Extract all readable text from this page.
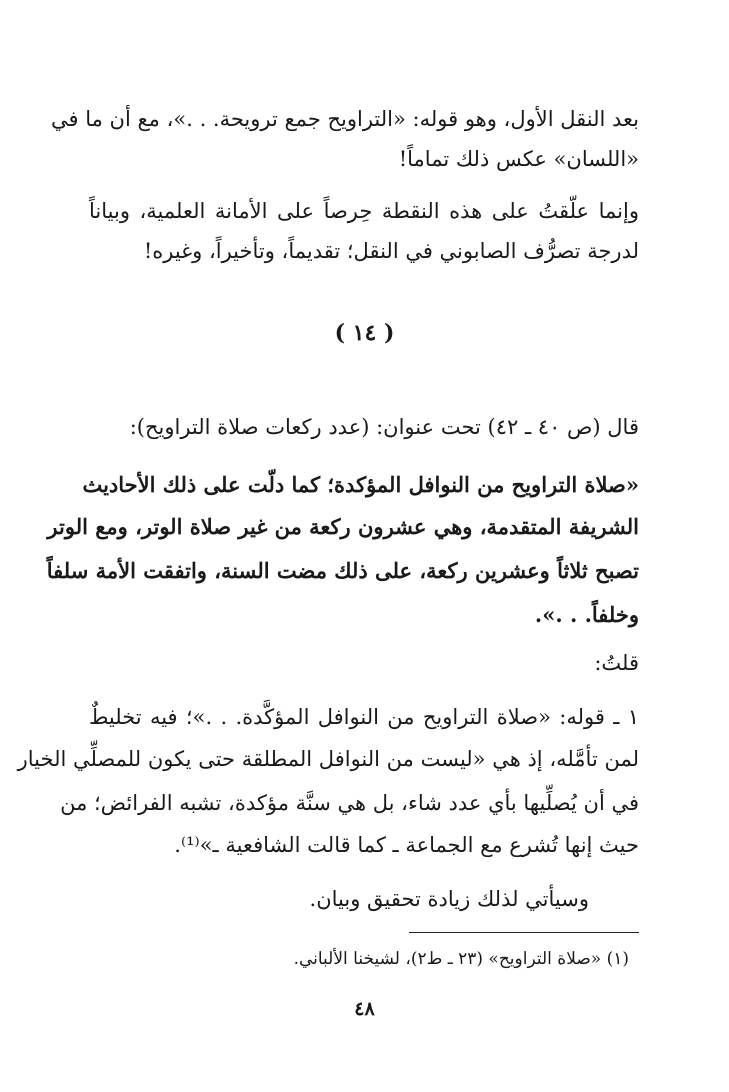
بعد النقل الأول، وهو قوله: «التراويح جمع ترويحة. . .»، مع أن ما في
«اللسان» عكس ذلك تماماً!
وإنما علّقتُ على هذه النقطة حِرصاً على الأمانة العلمية، وبياناً
لدرجة تصرُّف الصابوني في النقل؛ تقديماً، وتأخيراً، وغيره!
( ١٤ )
قال (ص ٤٠ ـ ٤٢) تحت عنوان: (عدد ركعات صلاة التراويح):
«صلاة التراويح من النوافل المؤكدة؛ كما دلّت على ذلك الأحاديث
الشريفة المتقدمة، وهي عشرون ركعة من غير صلاة الوتر، ومع الوتر
تصبح ثلاثاً وعشرين ركعة، على ذلك مضت السنة، واتفقت الأمة سلفاً
وخلفاً. . .».
قلتُ:
١ ـ قوله: «صلاة التراويح من النوافل المؤكَّدة. . .»؛ فيه تخليطٌ
لمن تأمَّله، إذ هي «ليست من النوافل المطلقة حتى يكون للمصلِّي الخيار
في أن يُصلِّيها بأي عدد شاء، بل هي سنَّة مؤكدة، تشبه الفرائض؛ من
حيث إنها تُشرع مع الجماعة ـ كما قالت الشافعية ـ»⁽¹⁾.
وسيأتي لذلك زيادة تحقيق وبيان.
(١) «صلاة التراويح» (٢٣ ـ ط٢)، لشيخنا الألباني.
٤٨
